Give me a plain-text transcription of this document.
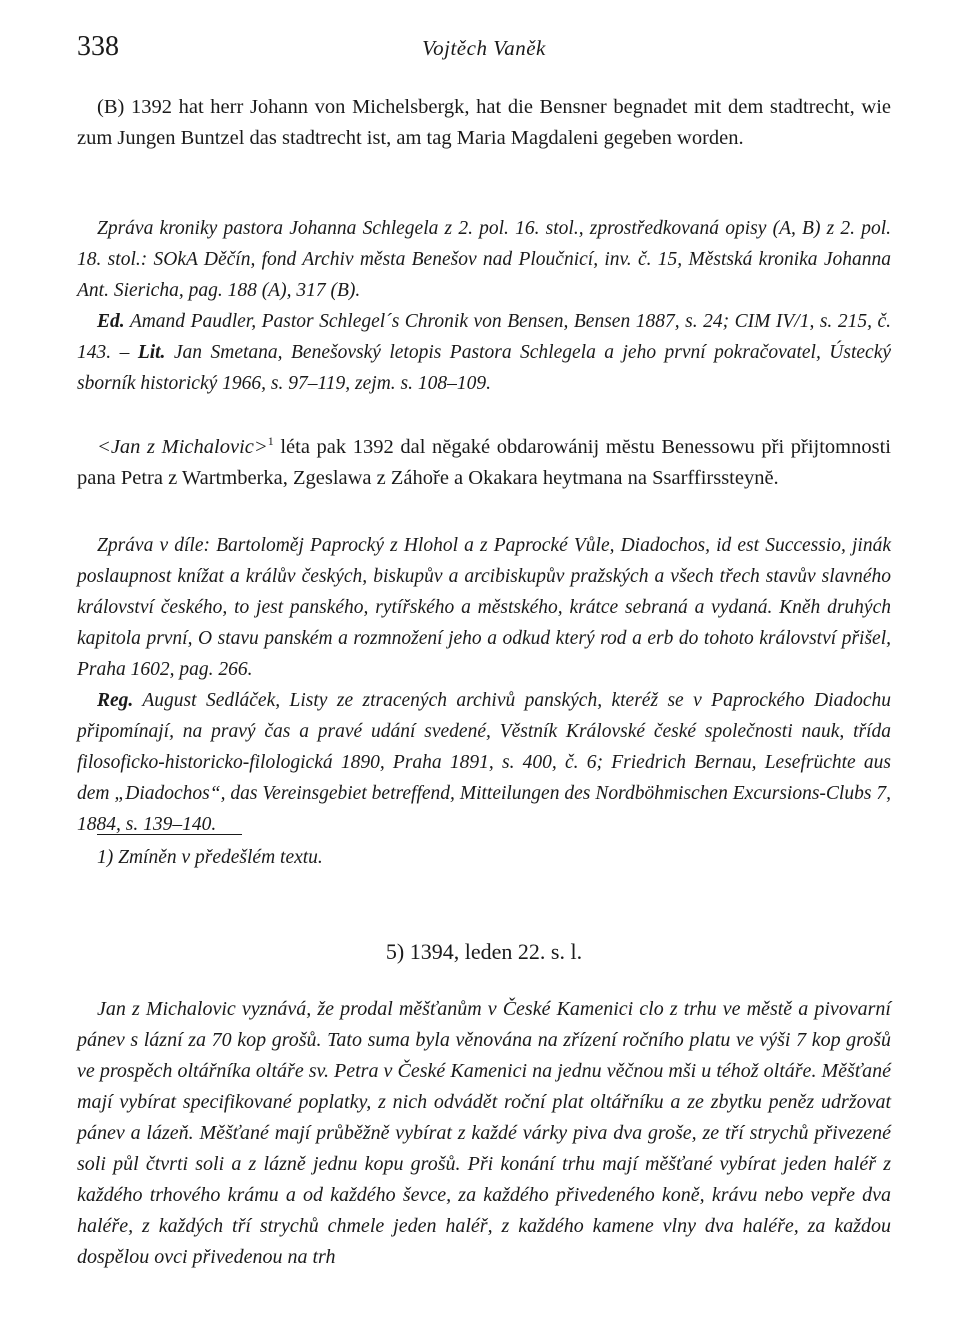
338	Vojtěch Vaněk

(B) 1392 hat herr Johann von Michelsbergk, hat die Bensner begnadet mit dem stadtrecht, wie zum Jungen Buntzel das stadtrecht ist, am tag Maria Magdaleni gegeben worden.

Zpráva kroniky pastora Johanna Schlegela z 2. pol. 16. stol., zprostředkovaná opisy (A, B) z 2. pol. 18. stol.: SOkA Děčín, fond Archiv města Benešov nad Ploučnicí, inv. č. 15, Městská kronika Johanna Ant. Siericha, pag. 188 (A), 317 (B).
Ed. Amand Paudler, Pastor Schlegel´s Chronik von Bensen, Bensen 1887, s. 24; CIM IV/1, s. 215, č. 143. – Lit. Jan Smetana, Benešovský letopis Pastora Schlegela a jeho první pokračovatel, Ústecký sborník historický 1966, s. 97–119, zejm. s. 108–109.

<Jan z Michalovic>$^1$ léta pak 1392 dal nĕgaké obdarowánij mĕstu Benessowu při přijtomnosti pana Petra z Wartmberka, Zgeslawa z Záhoře a Okakara heytmana na Ssarffirssteynĕ.

Zpráva v díle: Bartoloměj Paprocký z Hlohol a z Paprocké Vůle, Diadochos, id est Successio, jinák poslaupnost knížat a králův českých, biskupův a arcibiskupův pražských a všech třech stavův slavného království českého, to jest panského, rytířského a městského, krátce sebraná a vydaná. Kněh druhých kapitola první, O stavu panském a rozmnožení jeho a odkud který rod a erb do tohoto království přišel, Praha 1602, pag. 266.
Reg. August Sedláček, Listy ze ztracených archivů panských, kteréž se v Paprockého Diadochu připomínají, na pravý čas a pravé udání svedené, Věstník Královské české společnosti nauk, třída filosoficko-historicko-filologická 1890, Praha 1891, s. 400, č. 6; Friedrich Bernau, Lesefrüchte aus dem „Diadochos“, das Vereinsgebiet betreffend, Mitteilungen des Nordböhmischen Excursions-Clubs 7, 1884, s. 139–140.

1) Zmíněn v předešlém textu.

5) 1394, leden 22. s. l.

Jan z Michalovic vyznává, že prodal měšťanům v České Kamenici clo z trhu ve městě a pivovarní pánev s lázní za 70 kop grošů. Tato suma byla věnována na zřízení ročního platu ve výši 7 kop grošů ve prospěch oltářníka oltáře sv. Petra v České Kamenici na jednu věčnou mši u téhož oltáře. Měšťané mají vybírat specifikované poplatky, z nich odvádět roční plat oltářníku a ze zbytku peněz udržovat pánev a lázeň. Měšťané mají průběžně vybírat z každé várky piva dva groše, ze tří strychů přivezené soli půl čtvrti soli a z lázně jednu kopu grošů. Při konání trhu mají měšťané vybírat jeden haléř z každého trhového krámu a od každého ševce, za každého přivedeného koně, krávu nebo vepře dva haléře, z každých tří strychů chmele jeden haléř, z každého kamene vlny dva haléře, za každou dospělou ovci přivedenou na trh
